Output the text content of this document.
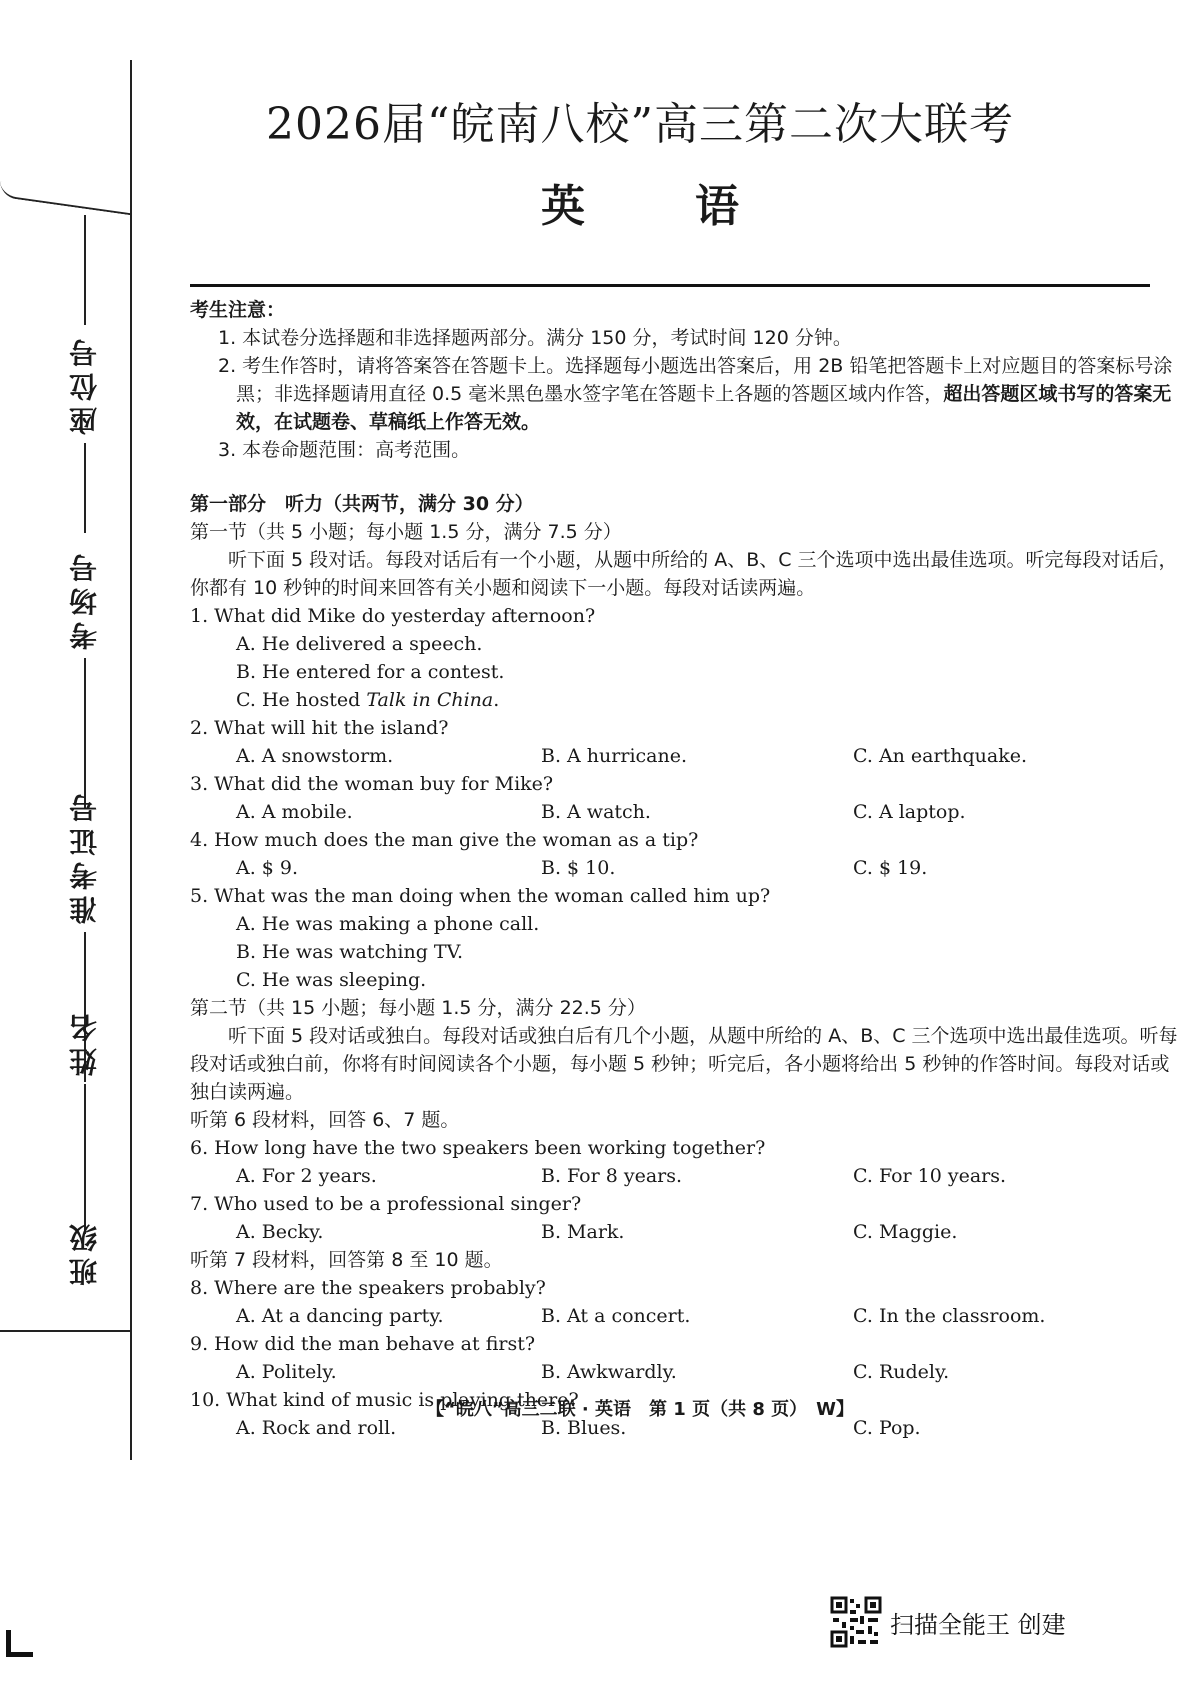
座位号
考场号
准考证号
姓名
班级
2026届“皖南八校”高三第二次大联考
英语
考生注意：

1. 本试卷分选择题和非选择题两部分。满分 150 分，考试时间 120 分钟。

2. 考生作答时，请将答案答在答题卡上。选择题每小题选出答案后，用 2B 铅笔把答题卡上对应题目的答案标号涂黑；非选择题请用直径 0.5 毫米黑色墨水签字笔在答题卡上各题的答题区域内作答，超出答题区域书写的答案无效，在试题卷、草稿纸上作答无效。

3. 本卷命题范围：高考范围。

第一部分　听力（共两节，满分 30 分）
第一节（共 5 小题；每小题 1.5 分，满分 7.5 分）

听下面 5 段对话。每段对话后有一个小题，从题中所给的 A、B、C 三个选项中选出最佳选项。听完每段对话后，你都有 10 秒钟的时间来回答有关小题和阅读下一小题。每段对话读两遍。

1. What did Mike do yesterday afternoon?

A. He delivered a speech.
B. He entered for a contest.
C. He hosted Talk in China.

2. What will hit the island?

A. A snowstorm.	B. A hurricane.	C. An earthquake.

3. What did the woman buy for Mike?

A. A mobile.	B. A watch.	C. A laptop.

4. How much does the man give the woman as a tip?

A. $ 9.	B. $ 10.	C. $ 19.

5. What was the man doing when the woman called him up?

A. He was making a phone call.
B. He was watching TV.
C. He was sleeping.
第二节（共 15 小题；每小题 1.5 分，满分 22.5 分）

听下面 5 段对话或独白。每段对话或独白后有几个小题，从题中所给的 A、B、C 三个选项中选出最佳选项。听每段对话或独白前，你将有时间阅读各个小题，每小题 5 秒钟；听完后，各小题将给出 5 秒钟的作答时间。每段对话或独白读两遍。

听第 6 段材料，回答 6、7 题。

6. How long have the two speakers been working together?

A. For 2 years.	B. For 8 years.	C. For 10 years.

7. Who used to be a professional singer?

A. Becky.	B. Mark.	C. Maggie.
听第 7 段材料，回答第 8 至 10 题。

8. Where are the speakers probably?

A. At a dancing party.	B. At a concert.	C. In the classroom.

9. How did the man behave at first?

A. Politely.	B. Awkwardly.	C. Rudely.

10. What kind of music is playing there?

A. Rock and roll.	B. Blues.	C. Pop.
【“皖八”高三二联 · 英语　第 1 页（共 8 页）　W】
扫描全能王 创建
